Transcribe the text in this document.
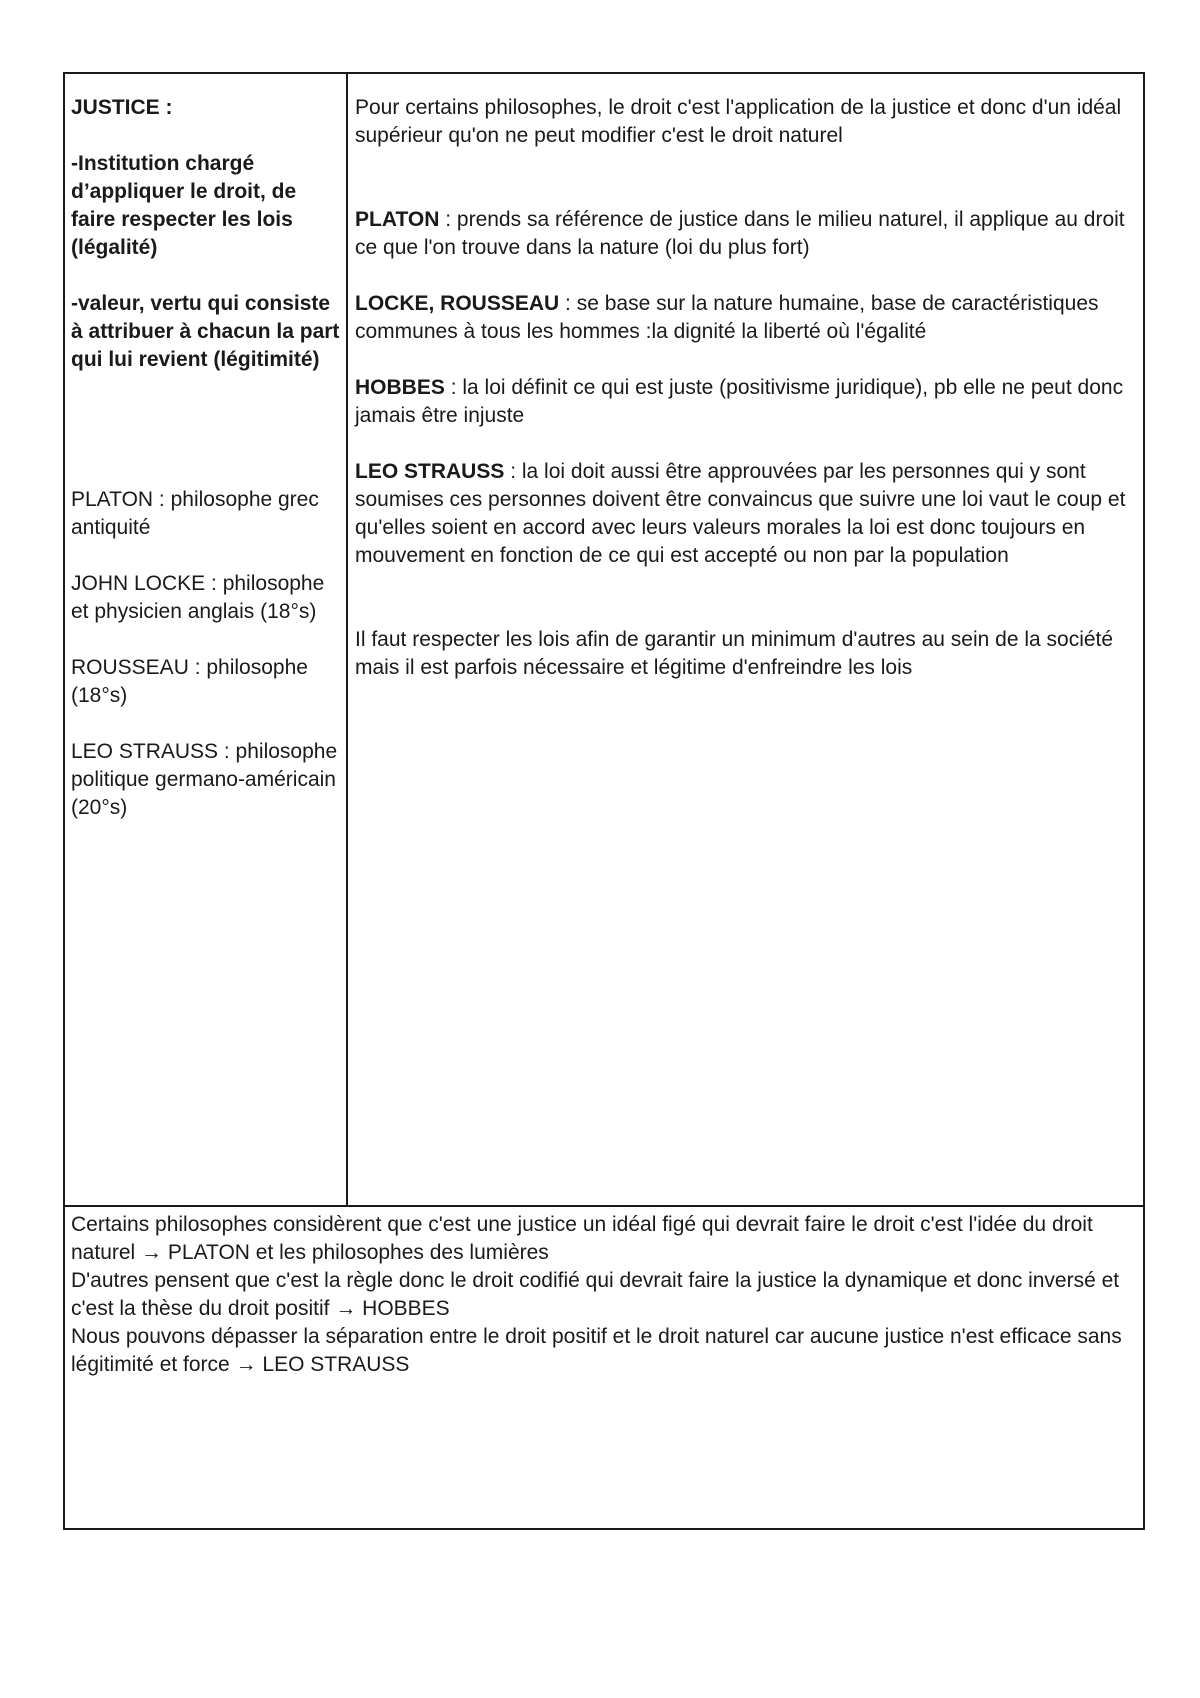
JUSTICE :

-Institution chargé d’appliquer le droit, de faire respecter les lois (légalité)

-valeur, vertu qui consiste à attribuer à chacun la part qui lui revient (légitimité)

PLATON : philosophe grec antiquité

JOHN LOCKE : philosophe et physicien anglais (18°s)

ROUSSEAU : philosophe (18°s)

LEO STRAUSS : philosophe politique germano-américain (20°s)

Pour certains philosophes, le droit c'est l'application de la justice et donc d'un idéal supérieur qu'on ne peut modifier c'est le droit naturel

PLATON : prends sa référence de justice dans le milieu naturel, il applique au droit ce que l'on trouve dans la nature (loi du plus fort)

LOCKE, ROUSSEAU : se base sur la nature humaine, base de caractéristiques communes à tous les hommes :la dignité la liberté où l'égalité

HOBBES : la loi définit ce qui est juste (positivisme juridique), pb elle ne peut donc jamais être injuste

LEO STRAUSS : la loi doit aussi être approuvées par les personnes qui y sont soumises ces personnes doivent être convaincus que suivre une loi vaut le coup et qu'elles soient en accord avec leurs valeurs morales la loi est donc toujours en mouvement en fonction de ce qui est accepté ou non par la population

Il faut respecter les lois afin de garantir un minimum d'autres au sein de la société mais il est parfois nécessaire et légitime d'enfreindre les lois

Certains philosophes considèrent que c'est une justice un idéal figé qui devrait faire le droit c'est l'idée du droit naturel → PLATON et les philosophes des lumières

D'autres pensent que c'est la règle donc le droit codifié qui devrait faire la justice la dynamique et donc inversé et c'est la thèse du droit positif → HOBBES

Nous pouvons dépasser la séparation entre le droit positif et le droit naturel car aucune justice n'est efficace sans légitimité et force → LEO STRAUSS
